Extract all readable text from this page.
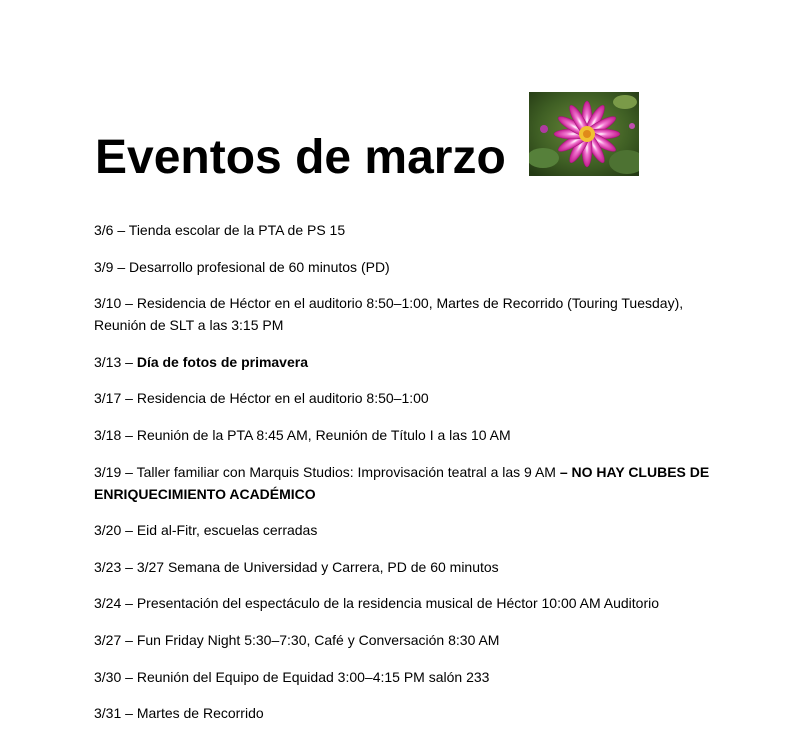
Eventos de marzo

3/6 – Tienda escolar de la PTA de PS 15

3/9 – Desarrollo profesional de 60 minutos (PD)

3/10 – Residencia de Héctor en el auditorio 8:50–1:00, Martes de Recorrido (Touring Tuesday), Reunión de SLT a las 3:15 PM

3/13 – Día de fotos de primavera

3/17 – Residencia de Héctor en el auditorio 8:50–1:00

3/18 – Reunión de la PTA 8:45 AM, Reunión de Título I a las 10 AM

3/19 – Taller familiar con Marquis Studios: Improvisación teatral a las 9 AM – NO HAY CLUBES DE ENRIQUECIMIENTO ACADÉMICO

3/20 – Eid al-Fitr, escuelas cerradas

3/23 – 3/27 Semana de Universidad y Carrera, PD de 60 minutos

3/24 – Presentación del espectáculo de la residencia musical de Héctor 10:00 AM Auditorio

3/27 – Fun Friday Night 5:30–7:30, Café y Conversación 8:30 AM

3/30 – Reunión del Equipo de Equidad 3:00–4:15 PM salón 233

3/31 – Martes de Recorrido
